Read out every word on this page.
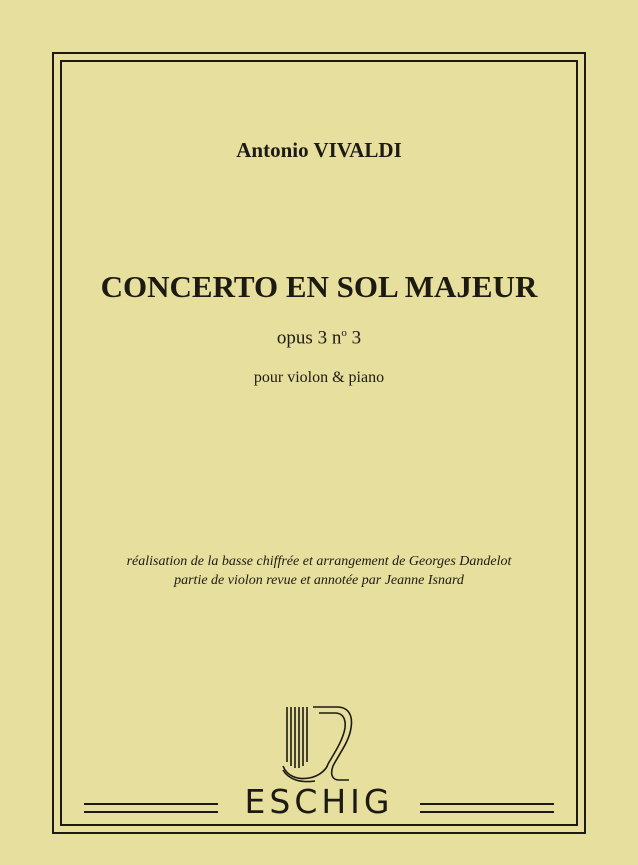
Antonio VIVALDI
CONCERTO EN SOL MAJEUR
opus 3 $n^o$ 3
pour violon & piano
réalisation de la basse chiffrée et arrangement de Georges Dandelot
partie de violon revue et annotée par Jeanne Isnard
ESCHIG
